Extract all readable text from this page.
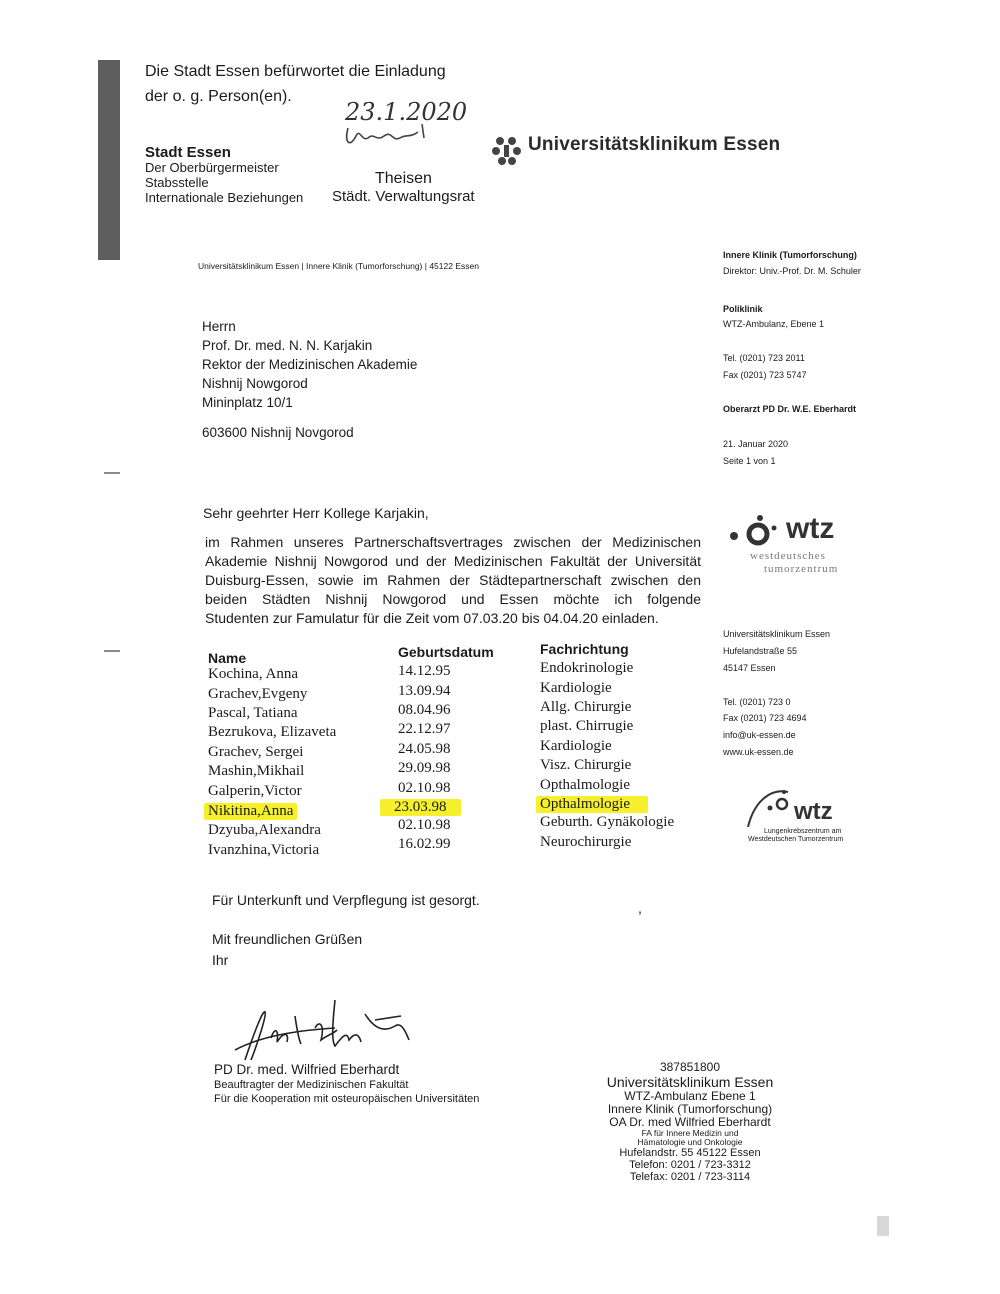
Die Stadt Essen befürwortet die Einladung
der o. g. Person(en).
23.1.2020
Stadt Essen
Der Oberbürgermeister
Stabsstelle
Internationale Beziehungen
Theisen
Städt. Verwaltungsrat
Universitätsklinikum Essen
Universitätsklinikum Essen | Innere Klinik (Tumorforschung) | 45122 Essen
Herrn
Prof. Dr. med. N. N. Karjakin
Rektor der Medizinischen Akademie
Nishnij Nowgorod
Mininplatz 10/1
603600 Nishnij Novgorod
Innere Klinik (Tumorforschung)
Direktor: Univ.-Prof. Dr. M. Schuler
Poliklinik
WTZ-Ambulanz, Ebene 1
Tel. (0201) 723 2011
Fax (0201) 723 5747
Oberarzt PD Dr. W.E. Eberhardt
21. Januar 2020
Seite 1 von 1
wtz
westdeutsches
tumorzentrum
Universitätsklinikum Essen
Hufelandstraße 55
45147 Essen
Tel. (0201) 723 0
Fax (0201) 723 4694
info@uk-essen.de
www.uk-essen.de
wtz
Lungenkrebszentrum am
Westdeutschen Tumorzentrum
Sehr geehrter Herr Kollege Karjakin,
im Rahmen unseres Partnerschaftsvertrages zwischen der Medizinischen
Akademie Nishnij Nowgorod und der Medizinischen Fakultät der Universität
Duisburg-Essen, sowie im Rahmen der Städtepartnerschaft zwischen den
beiden Städten Nishnij Nowgorod und Essen möchte ich folgende
Studenten zur Famulatur für die Zeit vom 07.03.20 bis 04.04.20 einladen.
Name	Geburtsdatum	Fachrichtung
Kochina, Anna	14.12.95	Endokrinologie
Grachev,Evgeny	13.09.94	Kardiologie
Pascal, Tatiana	08.04.96	Allg. Chirurgie
Bezrukova, Elizaveta	22.12.97	plast. Chirrugie
Grachev, Sergei	24.05.98	Kardiologie
Mashin,Mikhail	29.09.98	Visz. Chirurgie
Galperin,Victor	02.10.98	Opthalmologie
Nikitina,Anna	23.03.98	Opthalmologie
Dzyuba,Alexandra	02.10.98	Geburth. Gynäkologie
Ivanzhina,Victoria	16.02.99	Neurochirurgie
Für Unterkunft und Verpflegung ist gesorgt.	,
Mit freundlichen Grüßen
Ihr
PD Dr. med. Wilfried Eberhardt
Beauftragter der Medizinischen Fakultät
Für die Kooperation mit osteuropäischen Universitäten
387851800
Universitätsklinikum Essen
WTZ-Ambulanz Ebene 1
Innere Klinik (Tumorforschung)
OA Dr. med Wilfried Eberhardt
FA für Innere Medizin und
Hämatologie und Onkologie
Hufelandstr. 55 45122 Essen
Telefon: 0201 / 723-3312
Telefax: 0201 / 723-3114
